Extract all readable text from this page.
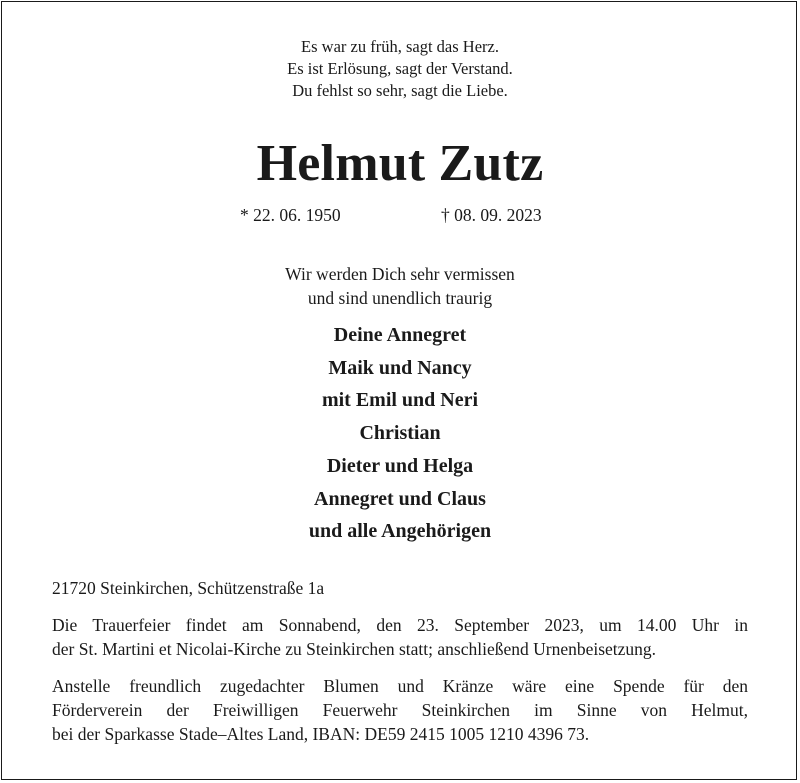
Es war zu früh, sagt das Herz.
Es ist Erlösung, sagt der Verstand.
Du fehlst so sehr, sagt die Liebe.
Helmut Zutz
* 22. 06. 1950	† 08. 09. 2023
Wir werden Dich sehr vermissen
und sind unendlich traurig
Deine Annegret
Maik und Nancy
mit Emil und Neri
Christian
Dieter und Helga
Annegret und Claus
und alle Angehörigen
21720 Steinkirchen, Schützenstraße 1a
Die Trauerfeier findet am Sonnabend, den 23. September 2023, um 14.00 Uhr in
der St. Martini et Nicolai-Kirche zu Steinkirchen statt; anschließend Urnenbeisetzung.
Anstelle freundlich zugedachter Blumen und Kränze wäre eine Spende für den
Förderverein der Freiwilligen Feuerwehr Steinkirchen im Sinne von Helmut,
bei der Sparkasse Stade–Altes Land, IBAN: DE59 2415 1005 1210 4396 73.
